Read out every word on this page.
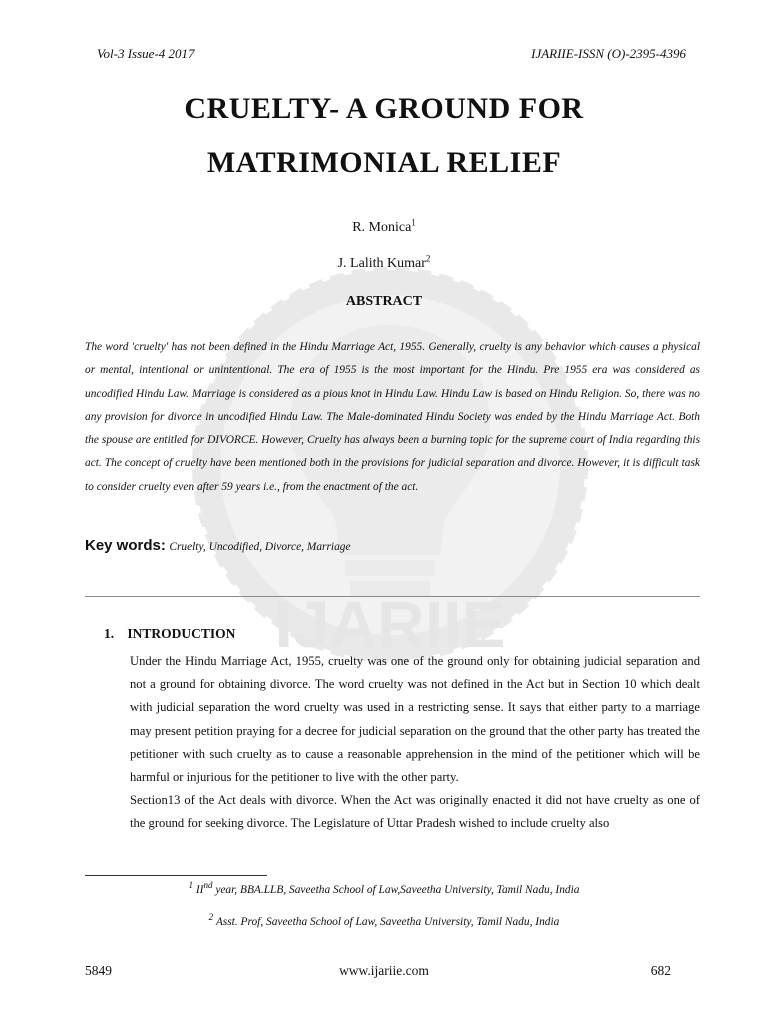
IJARIIE
Vol-3 Issue-4 2017	IJARIIE-ISSN (O)-2395-4396
CRUELTY- A GROUND FOR
MATRIMONIAL RELIEF
R. Monica$^1$
J. Lalith Kumar$^2$
ABSTRACT

The word 'cruelty' has not been defined in the Hindu Marriage Act, 1955. Generally, cruelty is any behavior which causes a physical or mental, intentional or unintentional. The era of 1955 is the most important for the Hindu. Pre 1955 era was considered as uncodified Hindu Law. Marriage is considered as a pious knot in Hindu Law. Hindu Law is based on Hindu Religion. So, there was no any provision for divorce in uncodified Hindu Law. The Male-dominated Hindu Society was ended by the Hindu Marriage Act. Both the spouse are entitled for DIVORCE. However, Cruelty has always been a burning topic for the supreme court of India regarding this act. The concept of cruelty have been mentioned both in the provisions for judicial separation and divorce. However, it is difficult task to consider cruelty even after 59 years i.e., from the enactment of the act.

Key words: Cruelty, Uncodified, Divorce, Marriage
1. INTRODUCTION

Under the Hindu Marriage Act, 1955, cruelty was one of the ground only for obtaining judicial separation and not a ground for obtaining divorce. The word cruelty was not defined in the Act but in Section 10 which dealt with judicial separation the word cruelty was used in a restricting sense. It says that either party to a marriage may present petition praying for a decree for judicial separation on the ground that the other party has treated the petitioner with such cruelty as to cause a reasonable apprehension in the mind of the petitioner which will be harmful or injurious for the petitioner to live with the other party.

Section13 of the Act deals with divorce. When the Act was originally enacted it did not have cruelty as one of the ground for seeking divorce. The Legislature of Uttar Pradesh wished to include cruelty also

$^1$ IInd year, BBA.LLB, Saveetha School of Law,Saveetha University, Tamil Nadu, India
$^2$ Asst. Prof, Saveetha School of Law, Saveetha University, Tamil Nadu, India
5849	www.ijariie.com	682
